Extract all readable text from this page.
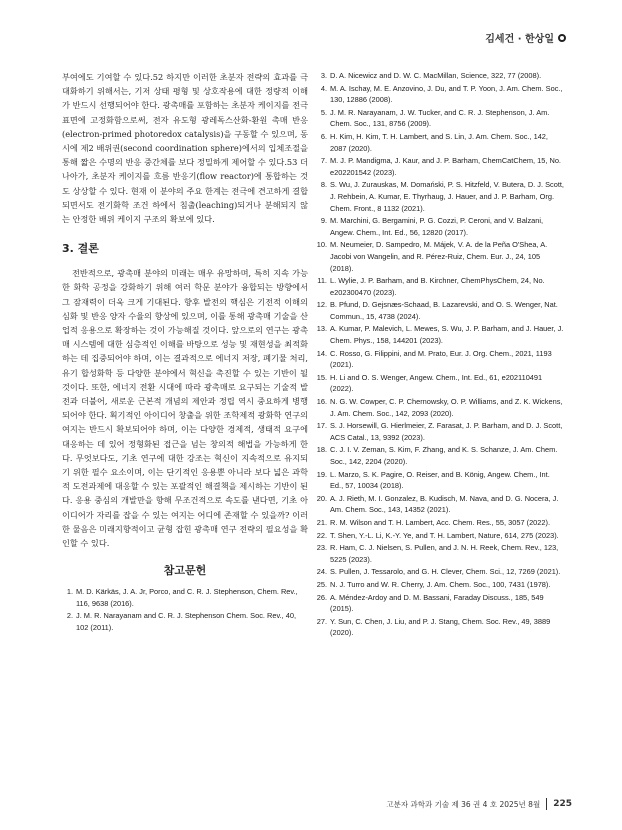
김세건 · 한상일

부여에도 기여할 수 있다.52 하지만 이러한 초분자 전략의 효과를 극대화하기 위해서는, 기저 상태 평형 및 상호작용에 대한 정량적 이해가 반드시 선행되어야 한다. 광촉매를 포함하는 초분자 케이지를 전극 표면에 고정화함으로써, 전자 유도형 광레독스산화-환원 촉매 반응(electron-primed photoredox catalysis)을 구동할 수 있으며, 동시에 제2 배위권(second coordination sphere)에서의 입체조절을 통해 짧은 수명의 반응 중간체를 보다 정밀하게 제어할 수 있다.53 더 나아가, 초분자 케이지를 흐름 반응기(flow reactor)에 통합하는 것도 상상할 수 있다. 현재 이 분야의 주요 한계는 전극에 견고하게 결합되면서도 전기화학 조건 하에서 침출(leaching)되거나 분해되지 않는 안정한 배위 케이지 구조의 확보에 있다.

3. 결론

전반적으로, 광촉매 분야의 미래는 매우 유망하며, 특히 지속 가능한 화학 공정을 강화하기 위해 여러 학문 분야가 융합되는 방향에서 그 잠재력이 더욱 크게 기대된다. 향후 발전의 핵심은 기전적 이해의 심화 및 반응 양자 수율의 향상에 있으며, 이를 통해 광촉매 기술을 산업적 응용으로 확장하는 것이 가능해질 것이다. 앞으로의 연구는 광촉매 시스템에 대한 심층적인 이해를 바탕으로 성능 및 재현성을 최적화하는 데 집중되어야 하며, 이는 결과적으로 에너지 저장, 폐기물 처리, 유기 합성화학 등 다양한 분야에서 혁신을 촉진할 수 있는 기반이 될 것이다. 또한, 에너지 전환 시대에 따라 광촉매로 요구되는 기술적 발전과 더불어, 새로운 근본적 개념의 제안과 정립 역시 중요하게 병행되어야 한다. 획기적인 아이디어 창출을 위한 조학제적 광화학 연구의 여지는 반드시 확보되어야 하며, 이는 다양한 경제적, 생태적 요구에 대응하는 데 있어 정형화된 접근을 넘는 창의적 해법을 가능하게 한다. 무엇보다도, 기초 연구에 대한 강조는 혁신이 지속적으로 유지되기 위한 필수 요소이며, 이는 단기적인 응용뿐 아니라 보다 넓은 과학적 도전과제에 대응할 수 있는 포괄적인 해결책을 제시하는 기반이 된다. 응용 중심의 개발만을 향해 무조건적으로 속도를 낸다면, 기초 아이디어가 자리를 잡을 수 있는 여지는 어디에 존재할 수 있을까? 이러한 물음은 미래지향적이고 균형 잡힌 광촉매 연구 전략의 필요성을 확인할 수 있다.

참고문헌
1. M. D. Kärkäs, J. A. Jr, Porco, and C. R. J. Stephenson, Chem. Rev., 116, 9638 (2016).
2. J. M. R. Narayanam and C. R. J. Stephenson Chem. Soc. Rev., 40, 102 (2011).
3. D. A. Nicewicz and D. W. C. MacMillan, Science, 322, 77 (2008).
4. M. A. Ischay, M. E. Anzovino, J. Du, and T. P. Yoon, J. Am. Chem. Soc., 130, 12886 (2008).
5. J. M. R. Narayanam, J. W. Tucker, and C. R. J. Stephenson, J. Am. Chem. Soc., 131, 8756 (2009).
6. H. Kim, H. Kim, T. H. Lambert, and S. Lin, J. Am. Chem. Soc., 142, 2087 (2020).
7. M. J. P. Mandigma, J. Kaur, and J. P. Barham, ChemCatChem, 15, No. e202201542 (2023).
8. S. Wu, J. Zurauskas, M. Domański, P. S. Hitzfeld, V. Butera, D. J. Scott, J. Rehbein, A. Kumar, E. Thyrhaug, J. Hauer, and J. P. Barham, Org. Chem. Front., 8 1132 (2021).
9. M. Marchini, G. Bergamini, P. G. Cozzi, P. Ceroni, and V. Balzani, Angew. Chem., Int. Ed., 56, 12820 (2017).
10. M. Neumeier, D. Sampedro, M. Májek, V. A. de la Peña O'Shea, A. Jacobi von Wangelin, and R. Pérez-Ruiz, Chem. Eur. J., 24, 105 (2018).
11. L. Wylie, J. P. Barham, and B. Kirchner, ChemPhysChem, 24, No. e202300470 (2023).
12. B. Pfund, D. Gejsnæs-Schaad, B. Lazarevski, and O. S. Wenger, Nat. Commun., 15, 4738 (2024).
13. A. Kumar, P. Malevich, L. Mewes, S. Wu, J. P. Barham, and J. Hauer, J. Chem. Phys., 158, 144201 (2023).
14. C. Rosso, G. Filippini, and M. Prato, Eur. J. Org. Chem., 2021, 1193 (2021).
15. H. Li and O. S. Wenger, Angew. Chem., Int. Ed., 61, e202110491 (2022).
16. N. G. W. Cowper, C. P. Chernowsky, O. P. Williams, and Z. K. Wickens, J. Am. Chem. Soc., 142, 2093 (2020).
17. S. J. Horsewill, G. Hierlmeier, Z. Farasat, J. P. Barham, and D. J. Scott, ACS Catal., 13, 9392 (2023).
18. C. J. I. V. Zeman, S. Kim, F. Zhang, and K. S. Schanze, J. Am. Chem. Soc., 142, 2204 (2020).
19. L. Marzo, S. K. Pagire, O. Reiser, and B. König, Angew. Chem., Int. Ed., 57, 10034 (2018).
20. A. J. Rieth, M. I. Gonzalez, B. Kudisch, M. Nava, and D. G. Nocera, J. Am. Chem. Soc., 143, 14352 (2021).
21. R. M. Wilson and T. H. Lambert, Acc. Chem. Res., 55, 3057 (2022).
22. T. Shen, Y.-L. Li, K.-Y. Ye, and T. H. Lambert, Nature, 614, 275 (2023).
23. R. Ham, C. J. Nielsen, S. Pullen, and J. N. H. Reek, Chem. Rev., 123, 5225 (2023).
24. S. Pullen, J. Tessarolo, and G. H. Clever, Chem. Sci., 12, 7269 (2021).
25. N. J. Turro and W. R. Cherry, J. Am. Chem. Soc., 100, 7431 (1978).
26. A. Méndez-Ardoy and D. M. Bassani, Faraday Discuss., 185, 549 (2015).
27. Y. Sun, C. Chen, J. Liu, and P. J. Stang, Chem. Soc. Rev., 49, 3889 (2020).
고분자 과학과 기술 제 36 권 4 호 2025년 8월 225
